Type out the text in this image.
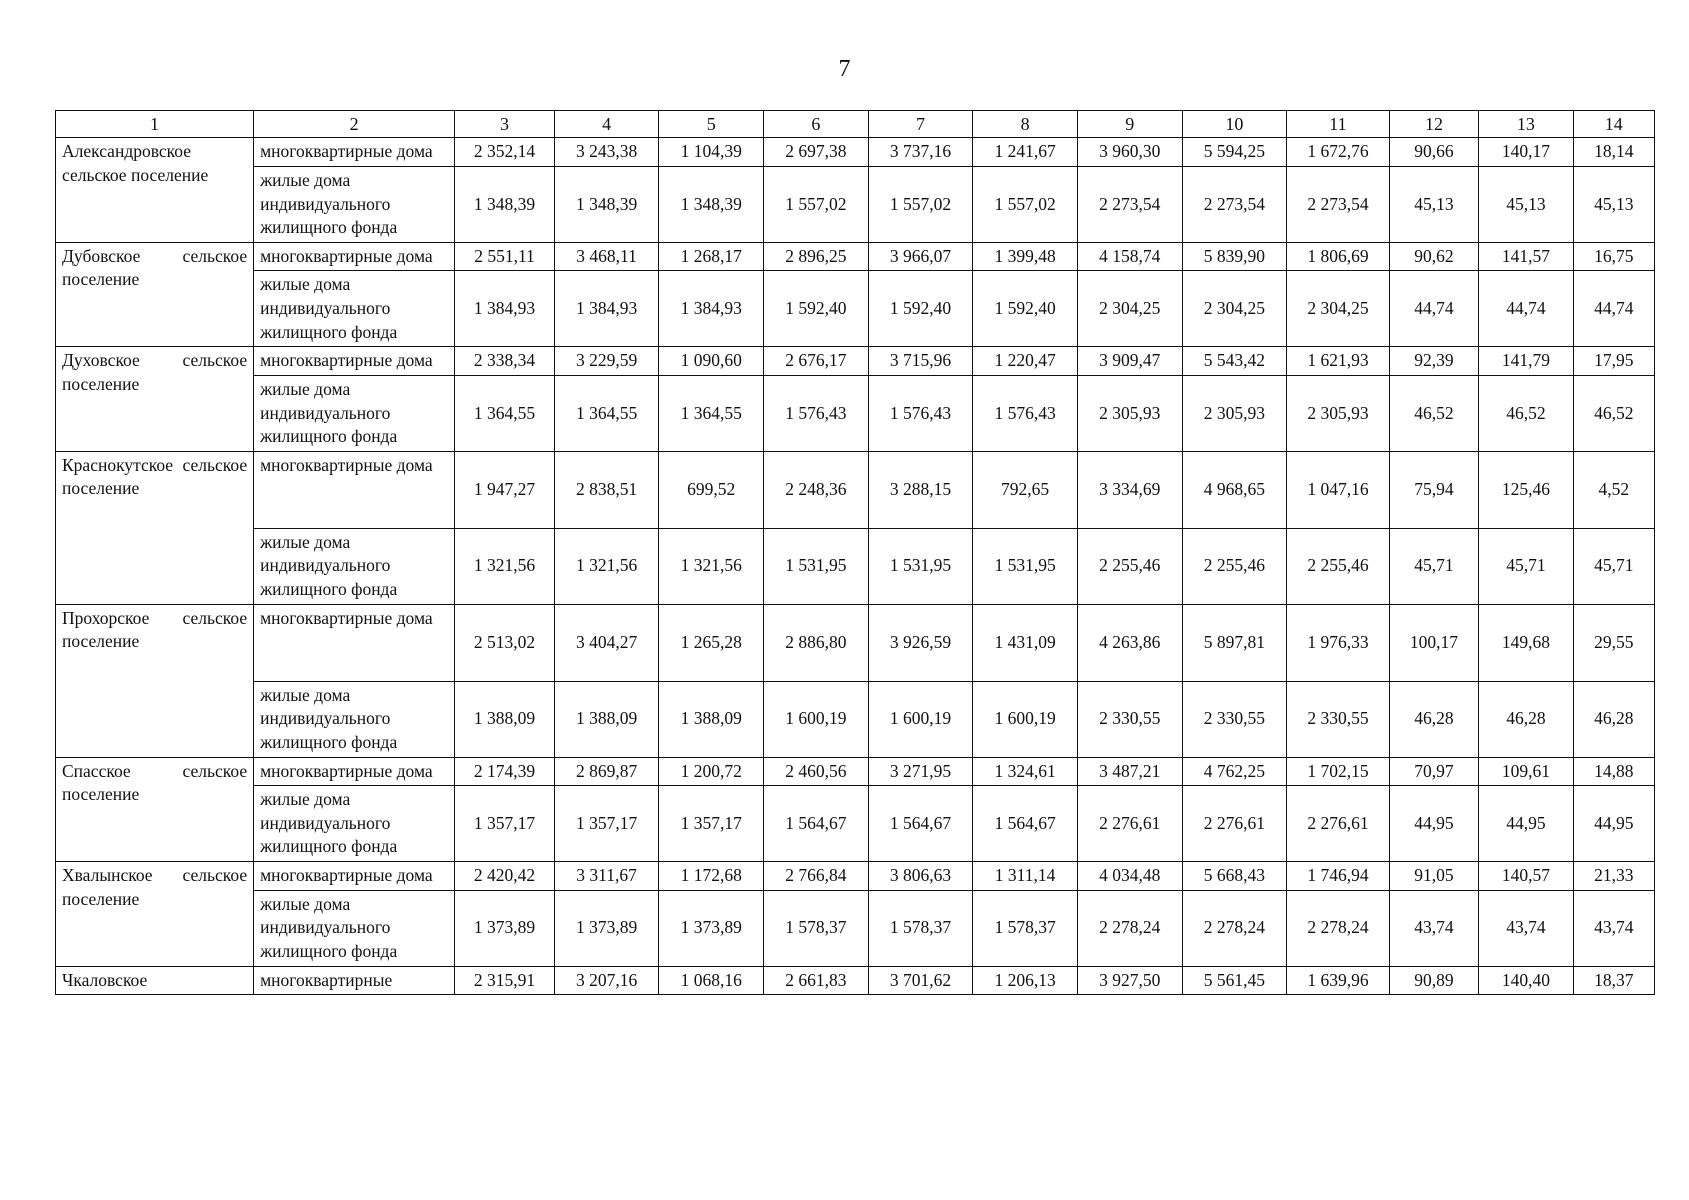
7
1	2	3	4	5	6	7	8	9	10	11	12	13	14
Александровское сельское поселение	многоквартирные дома	2 352,14	3 243,38	1 104,39	2 697,38	3 737,16	1 241,67	3 960,30	5 594,25	1 672,76	90,66	140,17	18,14
	жилые дома индивидуального жилищного фонда	1 348,39	1 348,39	1 348,39	1 557,02	1 557,02	1 557,02	2 273,54	2 273,54	2 273,54	45,13	45,13	45,13
Дубовское сельское поселение	многоквартирные дома	2 551,11	3 468,11	1 268,17	2 896,25	3 966,07	1 399,48	4 158,74	5 839,90	1 806,69	90,62	141,57	16,75
	жилые дома индивидуального жилищного фонда	1 384,93	1 384,93	1 384,93	1 592,40	1 592,40	1 592,40	2 304,25	2 304,25	2 304,25	44,74	44,74	44,74
Духовское сельское поселение	многоквартирные дома	2 338,34	3 229,59	1 090,60	2 676,17	3 715,96	1 220,47	3 909,47	5 543,42	1 621,93	92,39	141,79	17,95
	жилые дома индивидуального жилищного фонда	1 364,55	1 364,55	1 364,55	1 576,43	1 576,43	1 576,43	2 305,93	2 305,93	2 305,93	46,52	46,52	46,52
Краснокутское сельское поселение	многоквартирные дома	1 947,27	2 838,51	699,52	2 248,36	3 288,15	792,65	3 334,69	4 968,65	1 047,16	75,94	125,46	4,52
	жилые дома индивидуального жилищного фонда	1 321,56	1 321,56	1 321,56	1 531,95	1 531,95	1 531,95	2 255,46	2 255,46	2 255,46	45,71	45,71	45,71
Прохорское сельское поселение	многоквартирные дома	2 513,02	3 404,27	1 265,28	2 886,80	3 926,59	1 431,09	4 263,86	5 897,81	1 976,33	100,17	149,68	29,55
	жилые дома индивидуального жилищного фонда	1 388,09	1 388,09	1 388,09	1 600,19	1 600,19	1 600,19	2 330,55	2 330,55	2 330,55	46,28	46,28	46,28
Спасское сельское поселение	многоквартирные дома	2 174,39	2 869,87	1 200,72	2 460,56	3 271,95	1 324,61	3 487,21	4 762,25	1 702,15	70,97	109,61	14,88
	жилые дома индивидуального жилищного фонда	1 357,17	1 357,17	1 357,17	1 564,67	1 564,67	1 564,67	2 276,61	2 276,61	2 276,61	44,95	44,95	44,95
Хвалынское сельское поселение	многоквартирные дома	2 420,42	3 311,67	1 172,68	2 766,84	3 806,63	1 311,14	4 034,48	5 668,43	1 746,94	91,05	140,57	21,33
	жилые дома индивидуального жилищного фонда	1 373,89	1 373,89	1 373,89	1 578,37	1 578,37	1 578,37	2 278,24	2 278,24	2 278,24	43,74	43,74	43,74
Чкаловское	многоквартирные	2 315,91	3 207,16	1 068,16	2 661,83	3 701,62	1 206,13	3 927,50	5 561,45	1 639,96	90,89	140,40	18,37
